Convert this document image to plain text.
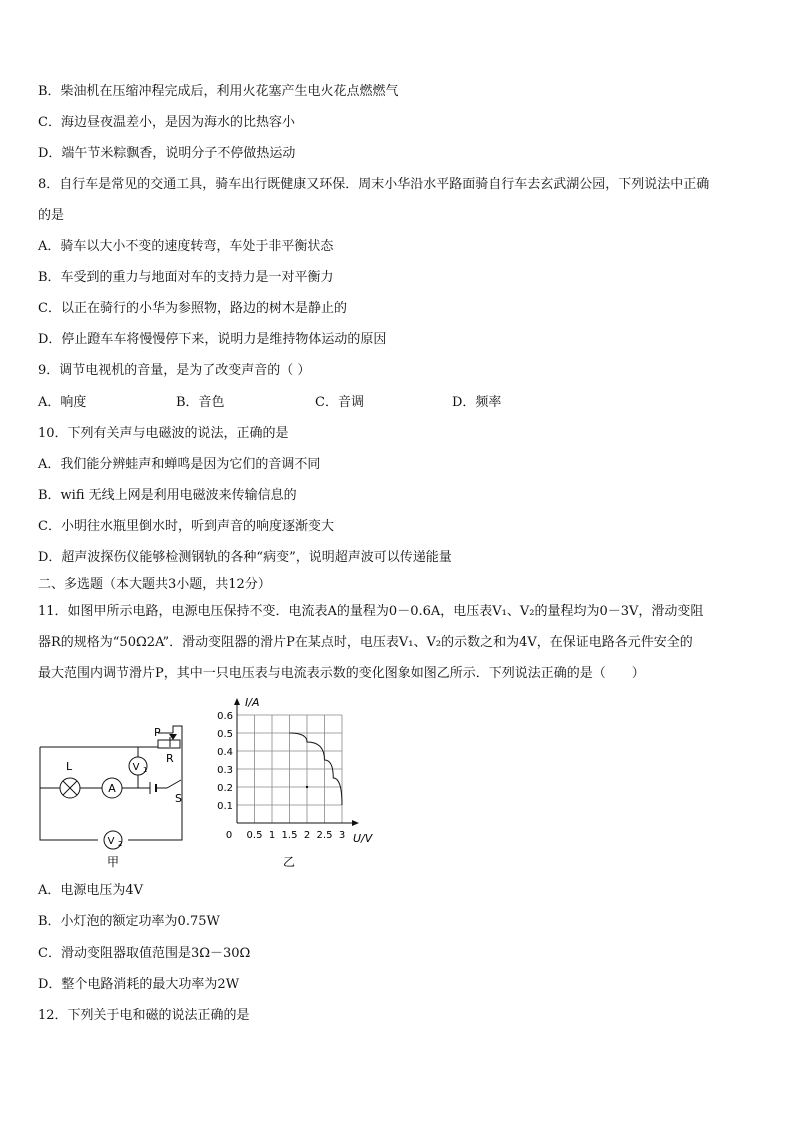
B．柴油机在压缩冲程完成后，利用火花塞产生电火花点燃燃气
C．海边昼夜温差小，是因为海水的比热容小
D．端午节米粽飘香，说明分子不停做热运动
8．自行车是常见的交通工具，骑车出行既健康又环保．周末小华沿水平路面骑自行车去玄武湖公园，下列说法中正确
的是
A．骑车以大小不变的速度转弯，车处于非平衡状态
B．车受到的重力与地面对车的支持力是一对平衡力
C．以正在骑行的小华为参照物，路边的树木是静止的
D．停止蹬车车将慢慢停下来，说明力是维持物体运动的原因
9．调节电视机的音量，是为了改变声音的（ ）
A．响度	B．音色	C．音调	D．频率
10．下列有关声与电磁波的说法，正确的是
A．我们能分辨蛙声和蝉鸣是因为它们的音调不同
B．wifi 无线上网是利用电磁波来传输信息的
C．小明往水瓶里倒水时，听到声音的响度逐渐变大
D．超声波探伤仪能够检测钢轨的各种“病变”，说明超声波可以传递能量
二、多选题（本大题共3小题，共12分）
11．如图甲所示电路，电源电压保持不变．电流表A的量程为0－0.6A，电压表V₁、V₂的量程均为0－3V，滑动变阻
器R的规格为“50Ω2A”．滑动变阻器的滑片P在某点时，电压表V₁、V₂的示数之和为4V，在保证电路各元件安全的
最大范围内调节滑片P，其中一只电压表与电流表示数的变化图象如图乙所示．下列说法正确的是（　　）
A
V 1
V 2
L
P
R
S
甲
0 0.5 1 1.5 2 2.5 3
0.1
0.2
0.3
0.4
0.5
0.6
I/A
U/V
乙
A．电源电压为4V
B．小灯泡的额定功率为0.75W
C．滑动变阻器取值范围是3Ω－30Ω
D．整个电路消耗的最大功率为2W
12．下列关于电和磁的说法正确的是
